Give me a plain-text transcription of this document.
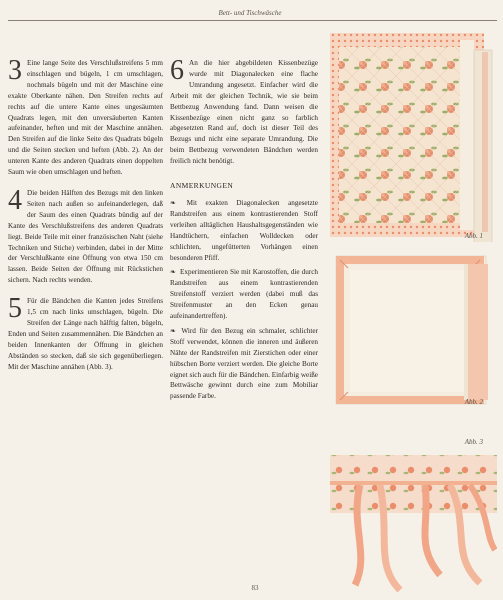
Bett- und Tischwäsche

3 Eine lange Seite des Verschlußstreifens 5 mm einschlagen und bügeln, 1 cm umschlagen, nochmals bügeln und mit der Maschine eine exakte Oberkante nähen. Den Streifen rechts auf rechts auf die untere Kante eines ungesäumten Quadrats legen, mit den unversäuberten Kanten aufeinander, heften und mit der Maschine annähen. Den Streifen auf die linke Seite des Quadrats bügeln und die Seiten stecken und heften (Abb. 2). An der unteren Kante des anderen Quadrats einen doppelten Saum wie oben umschlagen und heften.

4 Die beiden Hälften des Bezugs mit den linken Seiten nach außen so aufeinanderlegen, daß der Saum des einen Quadrats bündig auf der Kante des Verschlußstreifens des anderen Quadrats liegt. Beide Teile mit einer französischen Naht (siehe Techniken und Stiche) verbinden, dabei in der Mitte der Verschlußkante eine Öffnung von etwa 150 cm lassen. Beide Seiten der Öffnung mit Rückstichen sichern. Nach rechts wenden.

5 Für die Bändchen die Kanten jedes Streifens 1,5 cm nach links umschlagen, bügeln. Die Streifen der Länge nach hälftig falten, bügeln, Enden und Seiten zusammennähen. Die Bändchen an beiden Innenkanten der Öffnung in gleichen Abständen so stecken, daß sie sich gegenüberliegen. Mit der Maschine annähen (Abb. 3).

6 An die hier abgebildeten Kissenbezüge wurde mit Diagonalecken eine flache Umrandung angesetzt. Einfacher wird die Arbeit mit der gleichen Technik, wie sie beim Bettbezug Anwendung fand. Dann weisen die Kissenbezüge einen nicht ganz so farblich abgesetzten Rand auf, doch ist dieser Teil des Bezugs und nicht eine separate Umrandung. Die beim Bettbezug verwendeten Bändchen werden freilich nicht benötigt.

ANMERKUNGEN

❧ Mit exakten Diagonalecken angesetzte Randstreifen aus einem kontrastierenden Stoff verleihen alltäglichen Haushaltsgegenständen wie Handtüchern, einfachen Wolldecken oder schlichten, ungefütterten Vorhängen einen besonderen Pfiff.

❧ Experimentieren Sie mit Karostoffen, die durch Randstreifen aus einem kontrastierenden Streifenstoff verziert werden (dabei muß das Streifenmuster an den Ecken genau aufeinandertreffen).

❧ Wird für den Bezug ein schmaler, schlichter Stoff verwendet, können die inneren und äußeren Nähte der Randstreifen mit Zierstichen oder einer hübschen Borte verziert werden. Die gleiche Borte eignet sich auch für die Bändchen. Einfarbig weiße Bettwäsche gewinnt durch eine zum Mobiliar passende Farbe.

Abb. 1
Abb. 2
Abb. 3
83
